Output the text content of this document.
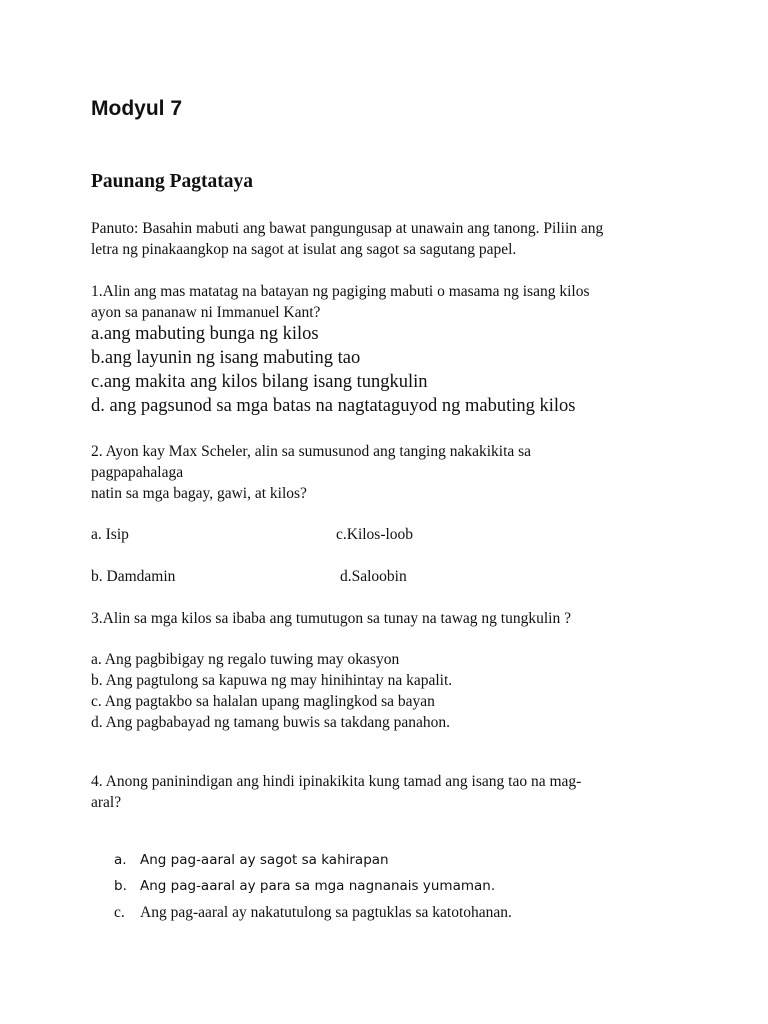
Modyul 7
Paunang Pagtataya
Panuto: Basahin mabuti ang bawat pangungusap at unawain ang tanong. Piliin ang
letra ng pinakaangkop na sagot at isulat ang sagot sa sagutang papel.
1.Alin ang mas matatag na batayan ng pagiging mabuti o masama ng isang kilos
ayon sa pananaw ni Immanuel Kant?
a.ang mabuting bunga ng kilos
b.ang layunin ng isang mabuting tao
c.ang makita ang kilos bilang isang tungkulin
d. ang pagsunod sa mga batas na nagtataguyod ng mabuting kilos
2. Ayon kay Max Scheler, alin sa sumusunod ang tanging nakakikita sa
pagpapahalaga
natin sa mga bagay, gawi, at kilos?
a. Isip	c.Kilos-loob
b. Damdamin	d.Saloobin
3.Alin sa mga kilos sa ibaba ang tumutugon sa tunay na tawag ng tungkulin ?
a. Ang pagbibigay ng regalo tuwing may okasyon
b. Ang pagtulong sa kapuwa ng may hinihintay na kapalit.
c. Ang pagtakbo sa halalan upang maglingkod sa bayan
d. Ang pagbabayad ng tamang buwis sa takdang panahon.
4. Anong paninindigan ang hindi ipinakikita kung tamad ang isang tao na mag-
aral?
a. Ang pag-aaral ay sagot sa kahirapan
b. Ang pag-aaral ay para sa mga nagnanais yumaman.
c. Ang pag-aaral ay nakatutulong sa pagtuklas sa katotohanan.
